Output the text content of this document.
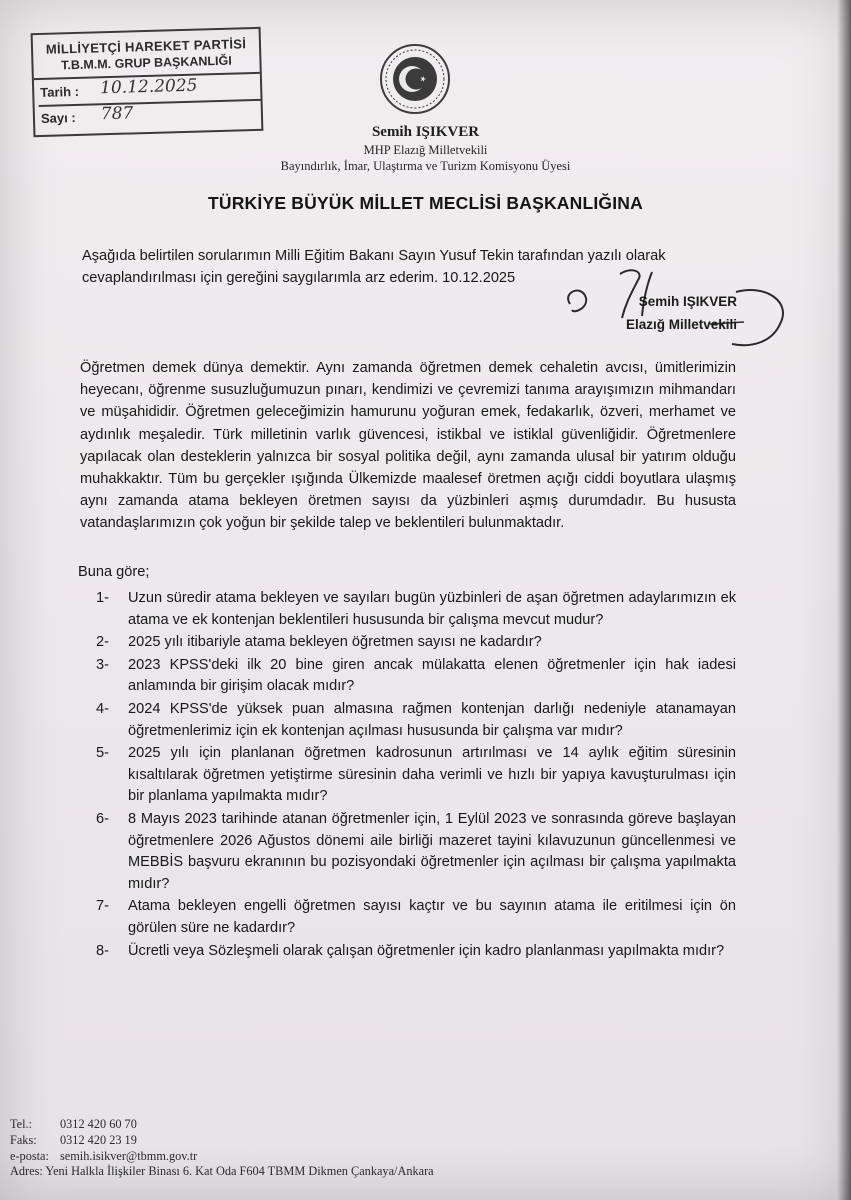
MİLLİYETÇİ HAREKET PARTİSİ
T.B.M.M. GRUP BAŞKANLIĞI
Tarih : 10.12.2025
Sayı : 787
Semih IŞIKVER
MHP Elazığ Milletvekili
Bayındırlık, İmar, Ulaştırma ve Turizm Komisyonu Üyesi
TÜRKİYE BÜYÜK MİLLET MECLİSİ BAŞKANLIĞINA
Aşağıda belirtilen sorularımın Milli Eğitim Bakanı Sayın Yusuf Tekin tarafından yazılı olarak cevaplandırılması için gereğini saygılarımla arz ederim. 10.12.2025
Semih IŞIKVER
Elazığ Milletvekili
Öğretmen demek dünya demektir. Aynı zamanda öğretmen demek cehaletin avcısı, ümitlerimizin heyecanı, öğrenme susuzluğumuzun pınarı, kendimizi ve çevremizi tanıma arayışımızın mihmandarı ve müşahididir. Öğretmen geleceğimizin hamurunu yoğuran emek, fedakarlık, özveri, merhamet ve aydınlık meşaledir. Türk milletinin varlık güvencesi, istikbal ve istiklal güvenliğidir. Öğretmenlere yapılacak olan desteklerin yalnızca bir sosyal politika değil, aynı zamanda ulusal bir yatırım olduğu muhakkaktır. Tüm bu gerçekler ışığında Ülkemizde maalesef öretmen açığı ciddi boyutlara ulaşmış aynı zamanda atama bekleyen öretmen sayısı da yüzbinleri aşmış durumdadır. Bu hususta vatandaşlarımızın çok yoğun bir şekilde talep ve beklentileri bulunmaktadır.
Buna göre;
1-	Uzun süredir atama bekleyen ve sayıları bugün yüzbinleri de aşan öğretmen adaylarımızın ek atama ve ek kontenjan beklentileri hususunda bir çalışma mevcut mudur?
2-	2025 yılı itibariyle atama bekleyen öğretmen sayısı ne kadardır?
3-	2023 KPSS'deki ilk 20 bine giren ancak mülakatta elenen öğretmenler için hak iadesi anlamında bir girişim olacak mıdır?
4-	2024 KPSS'de yüksek puan almasına rağmen kontenjan darlığı nedeniyle atanamayan öğretmenlerimiz için ek kontenjan açılması hususunda bir çalışma var mıdır?
5-	2025 yılı için planlanan öğretmen kadrosunun artırılması ve 14 aylık eğitim süresinin kısaltılarak öğretmen yetiştirme süresinin daha verimli ve hızlı bir yapıya kavuşturulması için bir planlama yapılmakta mıdır?
6-	8 Mayıs 2023 tarihinde atanan öğretmenler için, 1 Eylül 2023 ve sonrasında göreve başlayan öğretmenlere 2026 Ağustos dönemi aile birliği mazeret tayini kılavuzunun güncellenmesi ve MEBBİS başvuru ekranının bu pozisyondaki öğretmenler için açılması bir çalışma yapılmakta mıdır?
7-	Atama bekleyen engelli öğretmen sayısı kaçtır ve bu sayının atama ile eritilmesi için ön görülen süre ne kadardır?
8-	Ücretli veya Sözleşmeli olarak çalışan öğretmenler için kadro planlanması yapılmakta mıdır?
Tel.: 0312 420 60 70
Faks: 0312 420 23 19
e-posta: semih.isikver@tbmm.gov.tr
Adres: Yeni Halkla İlişkiler Binası 6. Kat Oda F604 TBMM Dikmen Çankaya/Ankara
